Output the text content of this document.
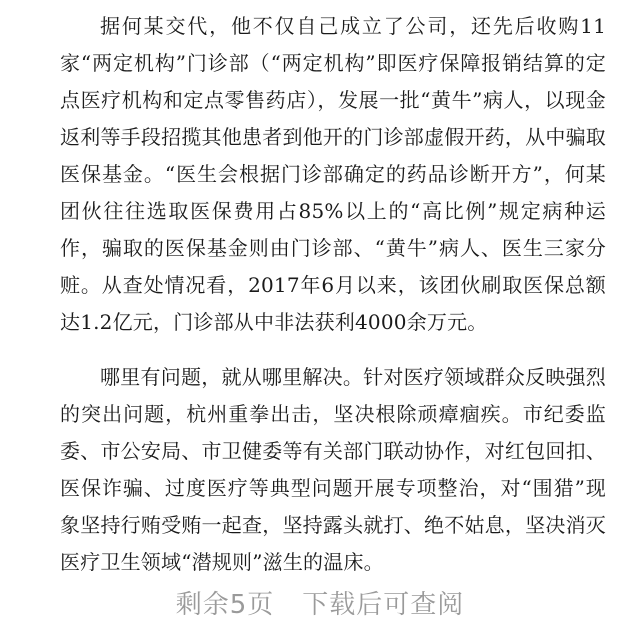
据何某交代，他不仅自己成立了公司，还先后收购11家“两定机构”门诊部（“两定机构”即医疗保障报销结算的定点医疗机构和定点零售药店），发展一批“黄牛”病人，以现金返利等手段招揽其他患者到他开的门诊部虚假开药，从中骗取医保基金。“医生会根据门诊部确定的药品诊断开方”，何某团伙往往选取医保费用占85%以上的“高比例”规定病种运作，骗取的医保基金则由门诊部、“黄牛”病人、医生三家分赃。从查处情况看，2017年6月以来，该团伙刷取医保总额达1.2亿元，门诊部从中非法获利4000余万元。

哪里有问题，就从哪里解决。针对医疗领域群众反映强烈的突出问题，杭州重拳出击，坚决根除顽瘴痼疾。市纪委监委、市公安局、市卫健委等有关部门联动协作，对红包回扣、医保诈骗、过度医疗等典型问题开展专项整治，对“围猎”现象坚持行贿受贿一起查，坚持露头就打、绝不姑息，坚决消灭医疗卫生领域“潜规则”滋生的温床。

剩余5页 下载后可查阅
